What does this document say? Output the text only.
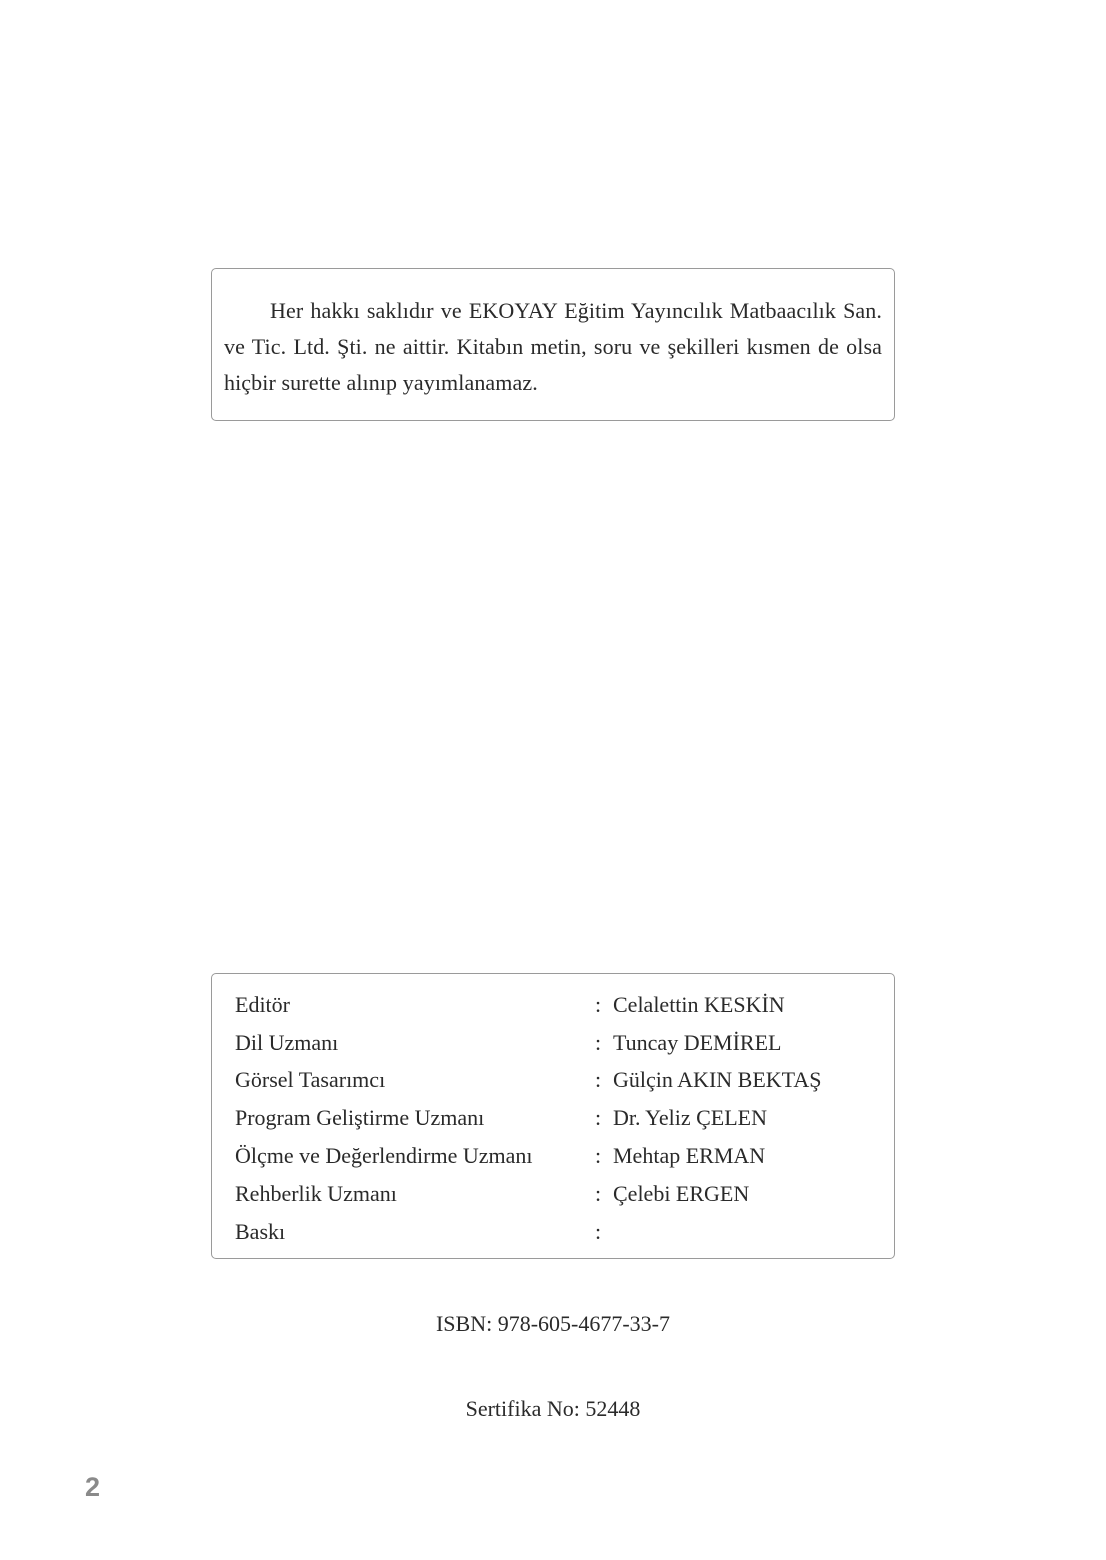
Her hakkı saklıdır ve EKOYAY Eğitim Yayıncılık Matbaacılık San. ve Tic. Ltd. Şti. ne aittir. Kitabın metin, soru ve şekilleri kısmen de olsa hiçbir surette alınıp yayımlanamaz.

Editör	: Celalettin KESKİN
Dil Uzmanı	: Tuncay DEMİREL
Görsel Tasarımcı	: Gülçin AKIN BEKTAŞ
Program Geliştirme Uzmanı	: Dr. Yeliz ÇELEN
Ölçme ve Değerlendirme Uzmanı	: Mehtap ERMAN
Rehberlik Uzmanı	: Çelebi ERGEN
Baskı	:
ISBN: 978-605-4677-33-7
Sertifika No: 52448
2
